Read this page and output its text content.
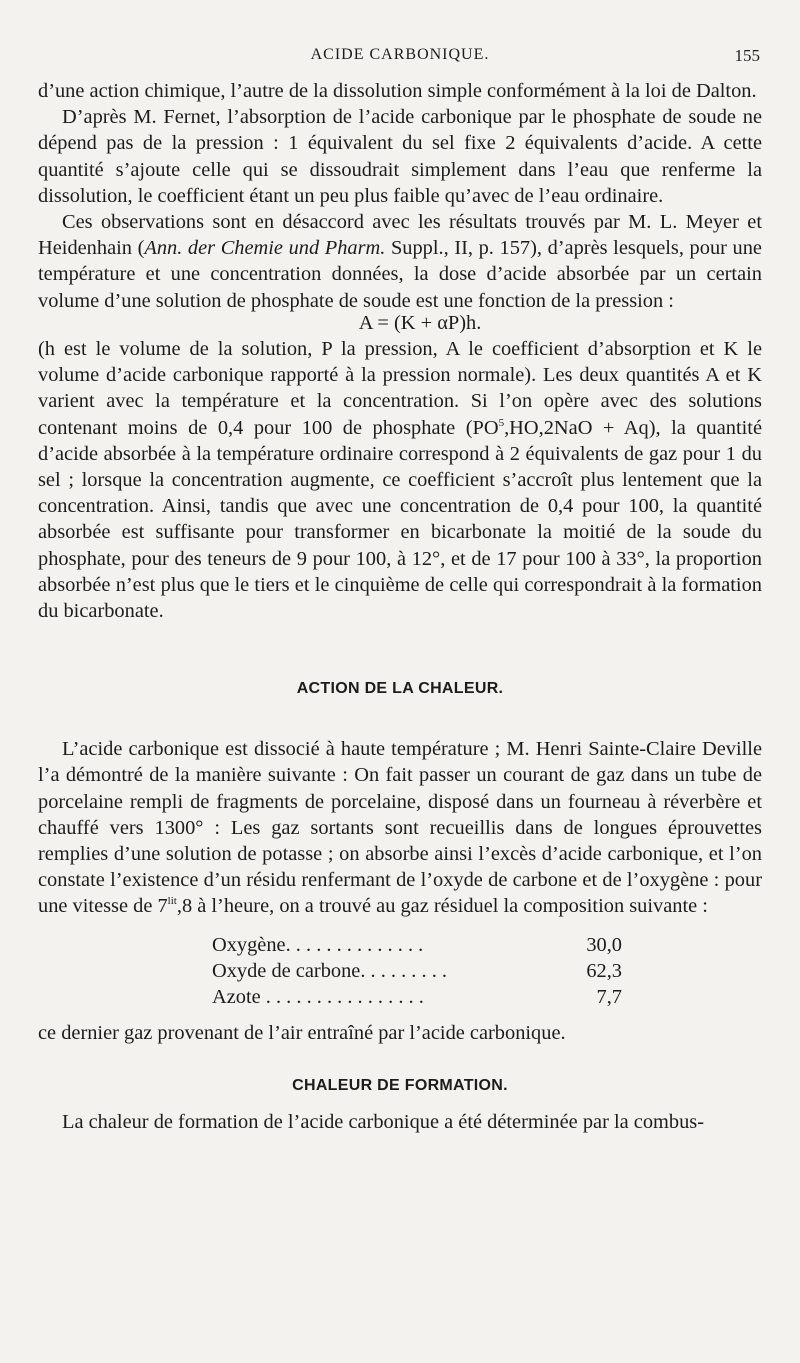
ACIDE CARBONIQUE.	155

d’une action chimique, l’autre de la dissolution simple conformément à la loi de Dalton.

D’après M. Fernet, l’absorption de l’acide carbonique par le phosphate de soude ne dépend pas de la pression : 1 équivalent du sel fixe 2 équivalents d’acide. A cette quantité s’ajoute celle qui se dissoudrait simplement dans l’eau que renferme la dissolution, le coefficient étant un peu plus faible qu’avec de l’eau ordinaire.

Ces observations sont en désaccord avec les résultats trouvés par M. L. Meyer et Heidenhain (Ann. der Chemie und Pharm. Suppl., II, p. 157), d’après lesquels, pour une température et une concentration données, la dose d’acide absorbée par un certain volume d’une solution de phosphate de soude est une fonction de la pression :

A = (K + αP)h.

(h est le volume de la solution, P la pression, A le coefficient d’absorption et K le volume d’acide carbonique rapporté à la pression normale). Les deux quantités A et K varient avec la température et la concentration. Si l’on opère avec des solutions contenant moins de 0,4 pour 100 de phosphate $(PO^5,HO,2NaO + Aq)$, la quantité d’acide absorbée à la température ordinaire correspond à 2 équivalents de gaz pour 1 du sel ; lorsque la concentration augmente, ce coefficient s’accroît plus lentement que la concentration. Ainsi, tandis que avec une concentration de 0,4 pour 100, la quantité absorbée est suffisante pour transformer en bicarbonate la moitié de la soude du phosphate, pour des teneurs de 9 pour 100, à 12°, et de 17 pour 100 à 33°, la proportion absorbée n’est plus que le tiers et le cinquième de celle qui correspondrait à la formation du bicarbonate.

ACTION DE LA CHALEUR.

L’acide carbonique est dissocié à haute température ; M. Henri Sainte-Claire Deville l’a démontré de la manière suivante : On fait passer un courant de gaz dans un tube de porcelaine rempli de fragments de porcelaine, disposé dans un fourneau à réverbère et chauffé vers 1300° : Les gaz sortants sont recueillis dans de longues éprouvettes remplies d’une solution de potasse ; on absorbe ainsi l’excès d’acide carbonique, et l’on constate l’existence d’un résidu renfermant de l’oxyde de carbone et de l’oxygène : pour une vitesse de $7^{lit},8$ à l’heure, on a trouvé au gaz résiduel la composition suivante :

Oxygène. . . . . . . . . . . . . .	30,0
Oxyde de carbone. . . . . . . . .	62,3
Azote . . . . . . . . . . . . . . . .	7,7

ce dernier gaz provenant de l’air entraîné par l’acide carbonique.

CHALEUR DE FORMATION.

La chaleur de formation de l’acide carbonique a été déterminée par la combus-
